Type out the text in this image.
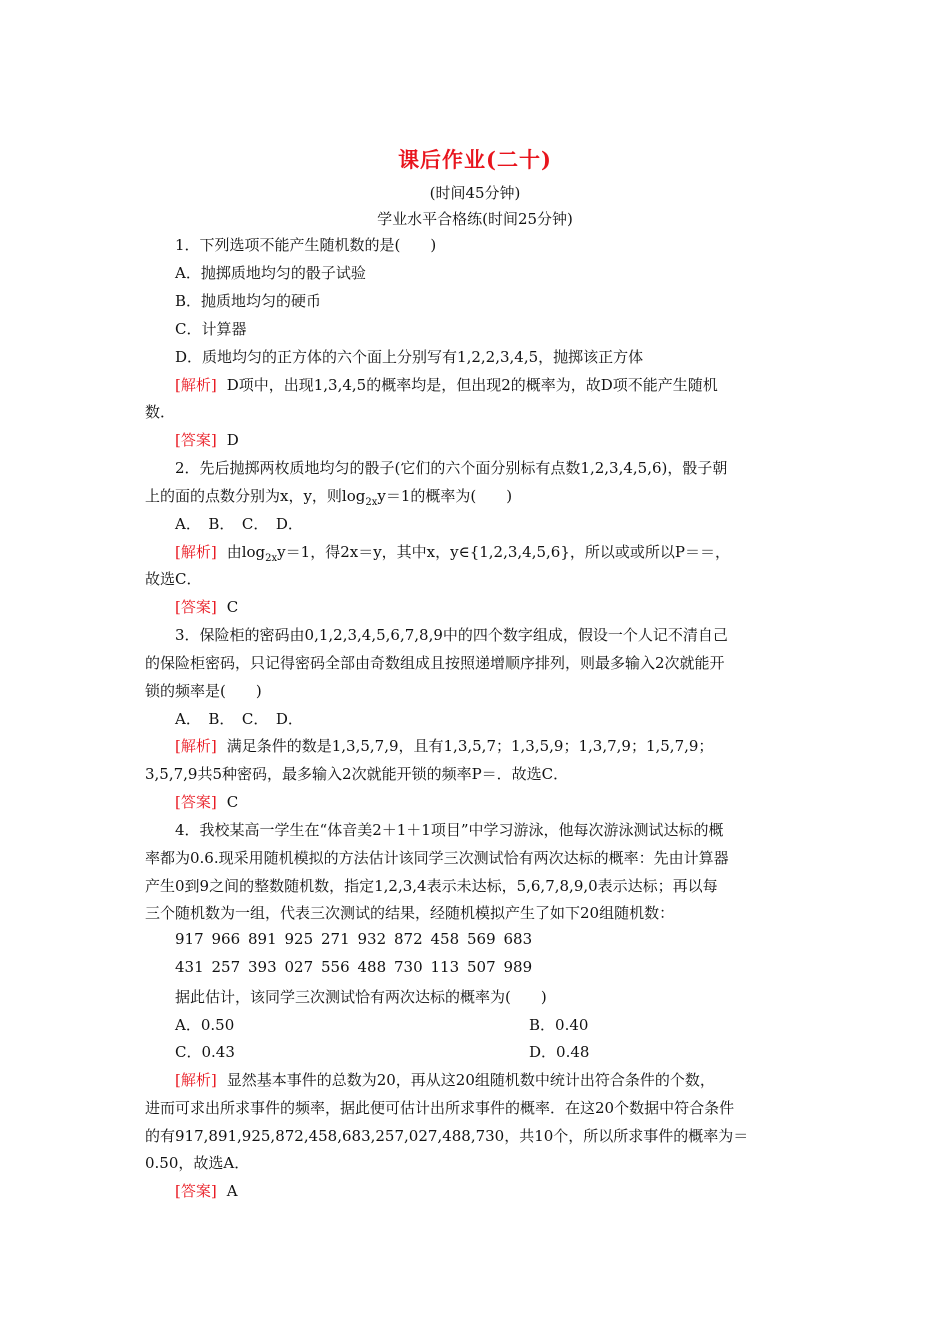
课后作业(二十)
(时间45分钟)
学业水平合格练(时间25分钟)
1．下列选项不能产生随机数的是(　　)
A．抛掷质地均匀的骰子试验
B．抛质地均匀的硬币
C．计算器
D．质地均匀的正方体的六个面上分别写有1,2,2,3,4,5，抛掷该正方体
[解析] D项中，出现1,3,4,5的概率均是，但出现2的概率为，故D项不能产生随机
数．
[答案] D
2．先后抛掷两枚质地均匀的骰子(它们的六个面分别标有点数1,2,3,4,5,6)，骰子朝
上的面的点数分别为x，y，则$\log_{2x}y=1$的概率为(　　)
A．　B．　C．　D．
[解析] 由$\log_{2x}y=1$，得2x＝y，其中x，y∈{1,2,3,4,5,6}，所以或或所以P＝＝，
故选C．
[答案] C
3．保险柜的密码由0,1,2,3,4,5,6,7,8,9中的四个数字组成，假设一个人记不清自己
的保险柜密码，只记得密码全部由奇数组成且按照递增顺序排列，则最多输入2次就能开
锁的频率是(　　)
A．　B．　C．　D．
[解析] 满足条件的数是1,3,5,7,9，且有1,3,5,7；1,3,5,9；1,3,7,9；1,5,7,9；
3,5,7,9共5种密码，最多输入2次就能开锁的频率P＝．故选C．
[答案] C
4．我校某高一学生在“体音美2＋1＋1项目”中学习游泳，他每次游泳测试达标的概
率都为0.6.现采用随机模拟的方法估计该同学三次测试恰有两次达标的概率：先由计算器
产生0到9之间的整数随机数，指定1,2,3,4表示未达标，5,6,7,8,9,0表示达标；再以每
三个随机数为一组，代表三次测试的结果，经随机模拟产生了如下20组随机数：
917 966 891 925 271 932 872 458 569 683
431 257 393 027 556 488 730 113 507 989
据此估计，该同学三次测试恰有两次达标的概率为(　　)
A．0.50	B．0.40
C．0.43	D．0.48
[解析] 显然基本事件的总数为20，再从这20组随机数中统计出符合条件的个数，
进而可求出所求事件的频率，据此便可估计出所求事件的概率．在这20个数据中符合条件
的有917,891,925,872,458,683,257,027,488,730，共10个，所以所求事件的概率为＝
0.50，故选A．
[答案] A
